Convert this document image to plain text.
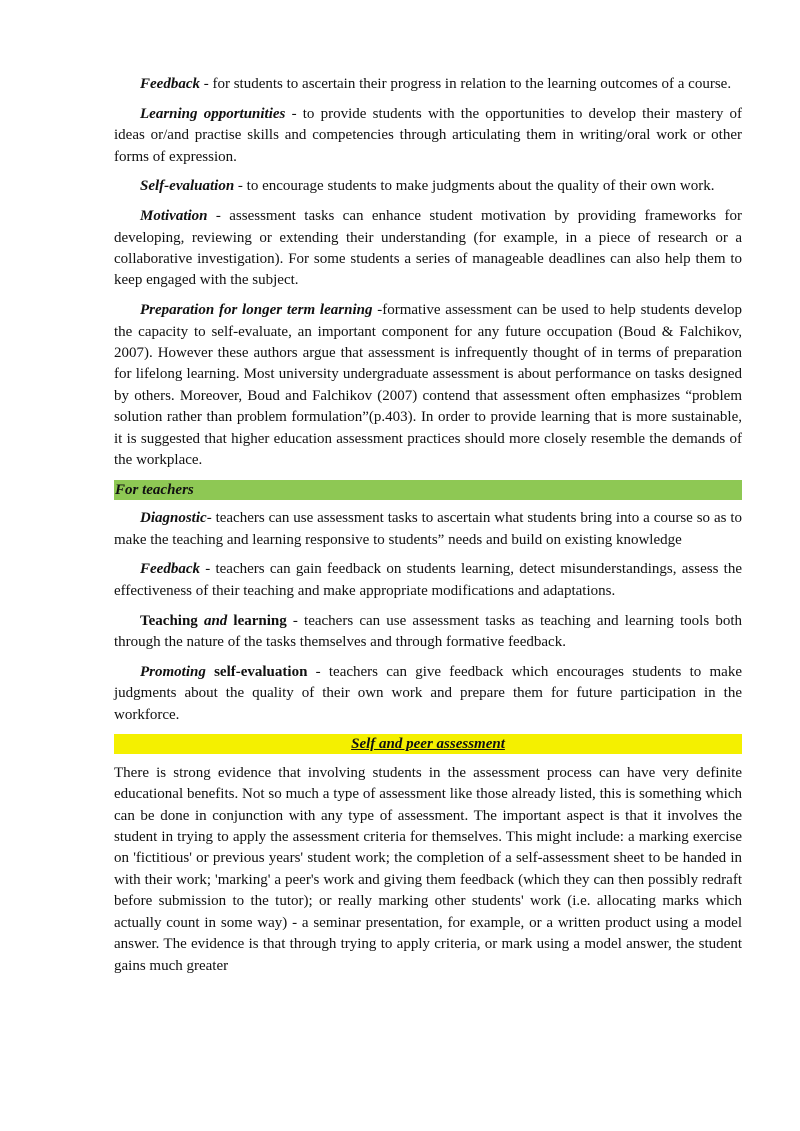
Feedback - for students to ascertain their progress in relation to the learning outcomes of a course.

Learning opportunities - to provide students with the opportunities to develop their mastery of ideas or/and practise skills and competencies through articulating them in writing/oral work or other forms of expression.

Self-evaluation - to encourage students to make judgments about the quality of their own work.

Motivation - assessment tasks can enhance student motivation by providing frameworks for developing, reviewing or extending their understanding (for example, in a piece of research or a collaborative investigation). For some students a series of manageable deadlines can also help them to keep engaged with the subject.

Preparation for longer term learning -formative assessment can be used to help students develop the capacity to self-evaluate, an important component for any future occupation (Boud & Falchikov, 2007). However these authors argue that assessment is infrequently thought of in terms of preparation for lifelong learning. Most university undergraduate assessment is about performance on tasks designed by others. Moreover, Boud and Falchikov (2007) contend that assessment often emphasizes “problem solution rather than problem formulation”(p.403). In order to provide learning that is more sustainable, it is suggested that higher education assessment practices should more closely resemble the demands of the workplace.

For teachers

Diagnostic- teachers can use assessment tasks to ascertain what students bring into a course so as to make the teaching and learning responsive to students” needs and build on existing knowledge

Feedback - teachers can gain feedback on students learning, detect misunderstandings, assess the effectiveness of their teaching and make appropriate modifications and adaptations.

Teaching and learning - teachers can use assessment tasks as teaching and learning tools both through the nature of the tasks themselves and through formative feedback.

Promoting self-evaluation - teachers can give feedback which encourages students to make judgments about the quality of their own work and prepare them for future participation in the workforce.

Self and peer assessment

There is strong evidence that involving students in the assessment process can have very definite educational benefits. Not so much a type of assessment like those already listed, this is something which can be done in conjunction with any type of assessment. The important aspect is that it involves the student in trying to apply the assessment criteria for themselves. This might include: a marking exercise on 'fictitious' or previous years' student work; the completion of a self-assessment sheet to be handed in with their work; 'marking' a peer's work and giving them feedback (which they can then possibly redraft before submission to the tutor); or really marking other students' work (i.e. allocating marks which actually count in some way) - a seminar presentation, for example, or a written product using a model answer. The evidence is that through trying to apply criteria, or mark using a model answer, the student gains much greater
